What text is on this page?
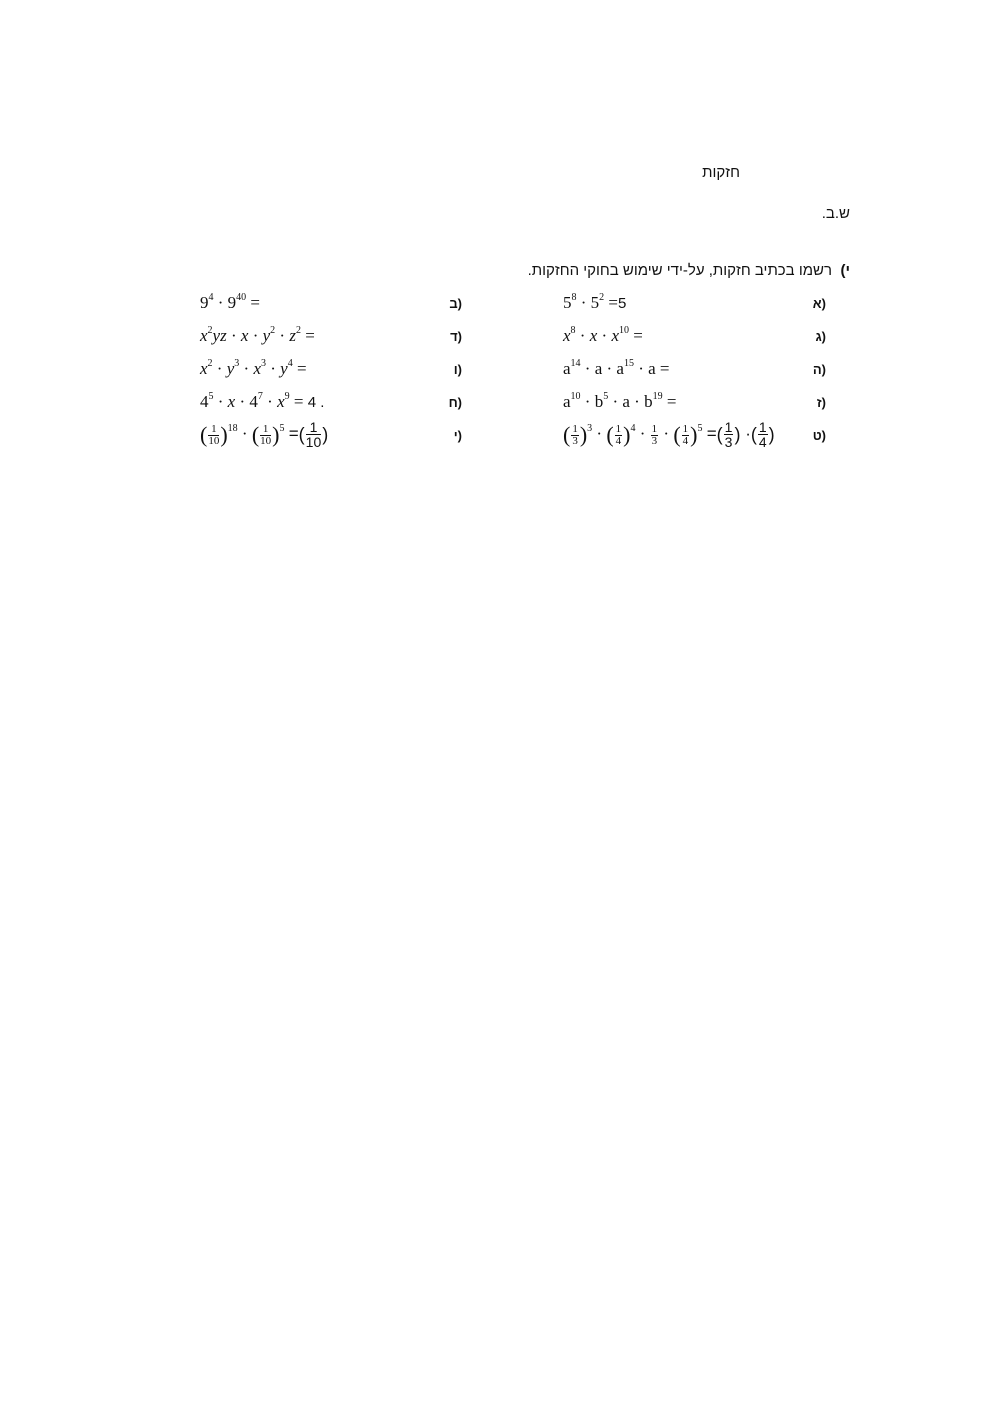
חזקות
ש.ב.
י)
רשמו בכתיב חזקות, על-ידי שימוש בחוקי החזקות.
(א
$5^8 \cdot 5^2 =5$
(ב
$9^4 \cdot 9^{40}$ =
(ג
$x^8 \cdot x \cdot x^{10}$ =
(ד
$x^2yz \cdot x \cdot y^2 \cdot z^2$ =
(ה
$a^{14} \cdot a \cdot a^{15} \cdot a$ =
(ו
$x^2 \cdot y^3 \cdot x^3 \cdot y^4$ =
(ז
$a^{10} \cdot b^5 \cdot a \cdot b^{19}$ =
(ח
$4^5 \cdot x \cdot 4^7 \cdot x^9 = 4$ .
(ט
( $\frac{1}{3} )^3$ · ( $\frac{1}{4} )^4 \cdot \frac{1}{3}$ · ( $\frac{1}{4} )^5$ =( $\frac{1}{3}$ ) ·( $\frac{1}{4}$ )
(י
( $\frac{1}{10} )^{18}$ · ( $\frac{1}{10} )^5$ =( $\frac{1}{10}$ )
